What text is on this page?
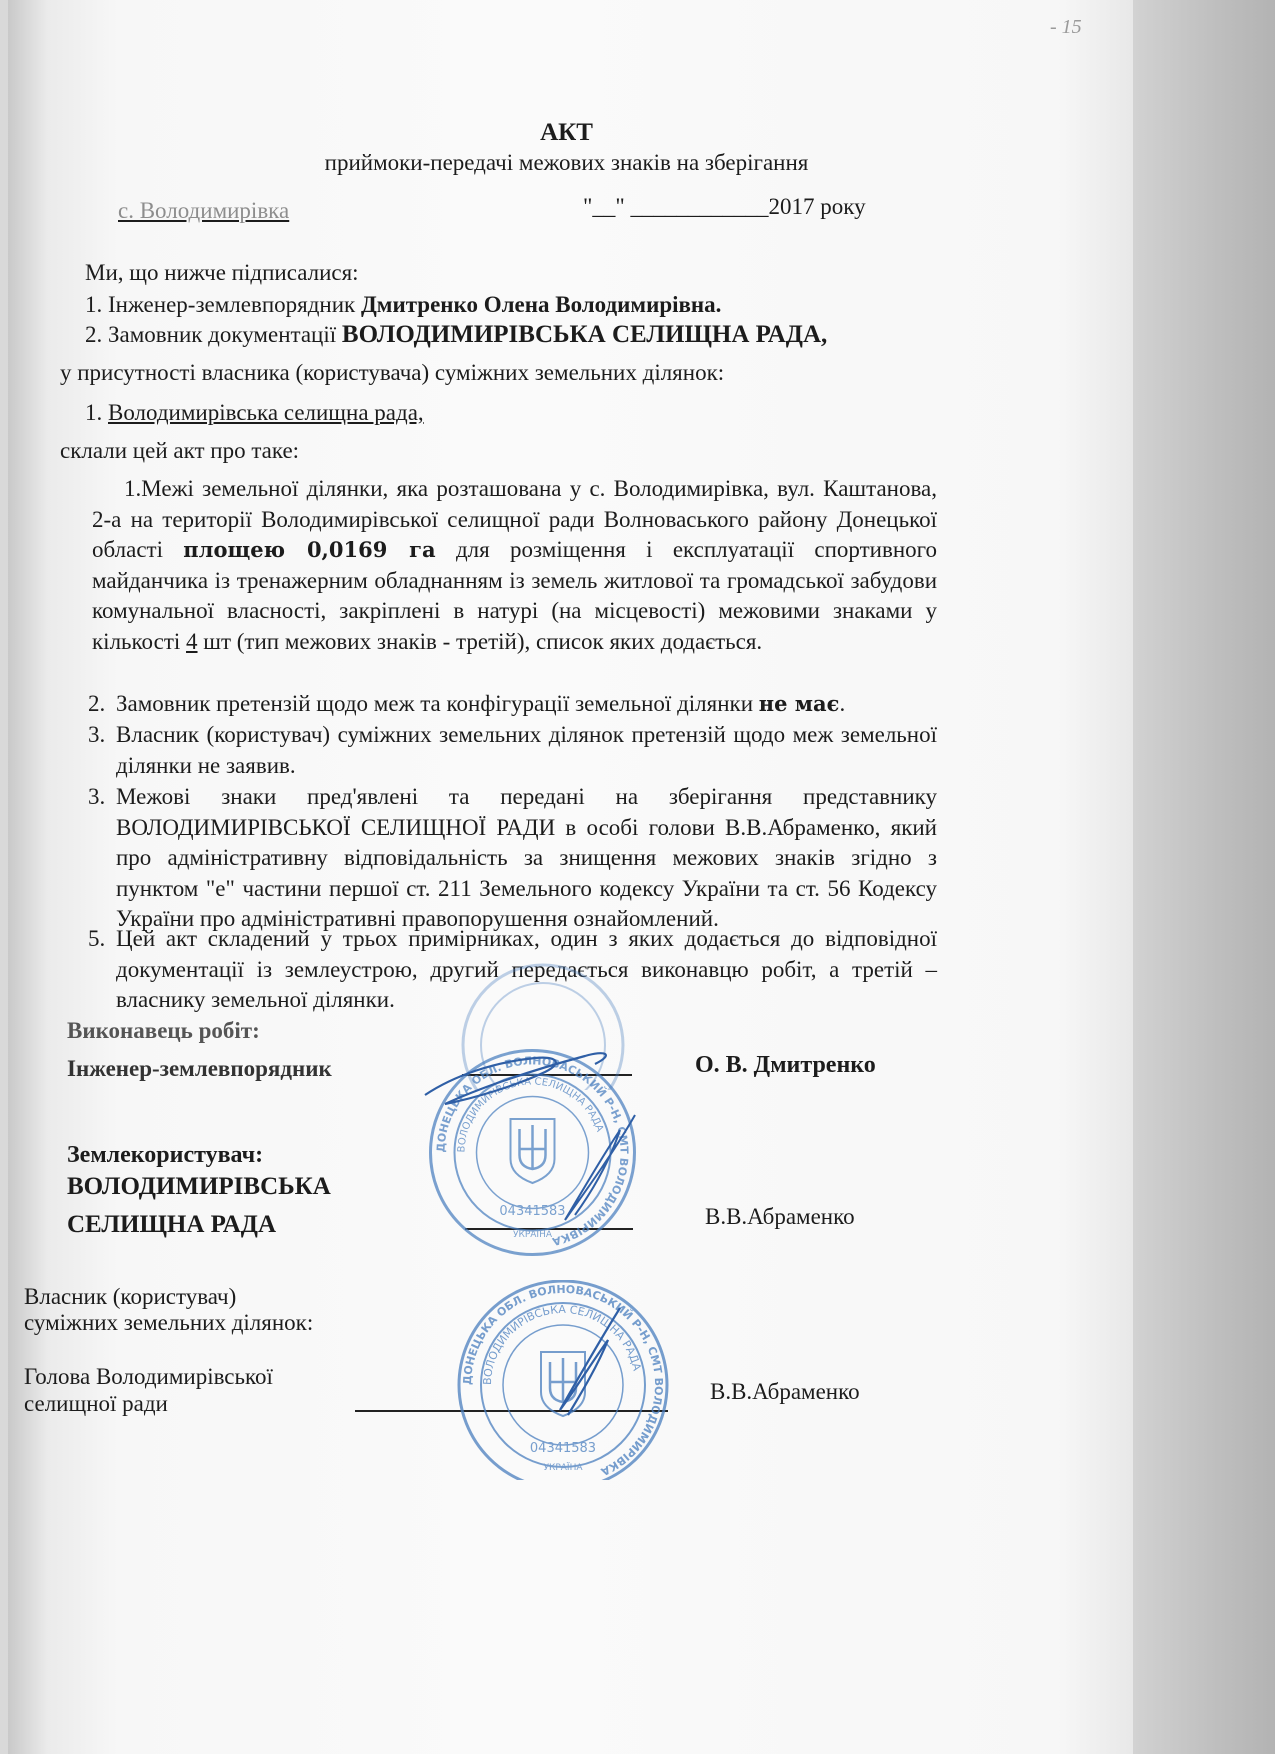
- 15
АКТ
приймоки-передачі межових знаків на зберігання
с. Володимирівка	"__" ____________2017 року
Ми, що нижче підписалися:
1. Інженер-землевпорядник Дмитренко Олена Володимирівна.
2. Замовник документації ВОЛОДИМИРІВСЬКА СЕЛИЩНА РАДА,
у присутності власника (користувача) суміжних земельних ділянок:
1. Володимирівська селищна рада,
склали цей акт про таке:
1.Межі земельної ділянки, яка розташована у с. Володимирівка, вул. Каштанова, 2-а на території Володимирівської селищної ради Волноваського району Донецької області площею 0,0169 га для розміщення і експлуатації спортивного майданчика із тренажерним обладнанням із земель житлової та громадської забудови комунальної власності, закріплені в натурі (на місцевості) межовими знаками у кількості 4 шт (тип межових знаків - третій), список яких додається.
2. Замовник претензій щодо меж та конфігурації земельної ділянки не має.
3. Власник (користувач) суміжних земельних ділянок претензій щодо меж земельної ділянки не заявив.
3. Межові знаки пред'явлені та передані на зберігання представнику ВОЛОДИМИРІВСЬКОЇ СЕЛИЩНОЇ РАДИ в особі голови В.В.Абраменко, який про адміністративну відповідальність за знищення межових знаків згідно з пунктом "е" частини першої ст. 211 Земельного кодексу України та ст. 56 Кодексу України про адміністративні правопорушення ознайомлений.
5. Цей акт складений у трьох примірниках, один з яких додається до відповідної документації із землеустрою, другий передається виконавцю робіт, а третій – власнику земельної ділянки.
Виконавець робіт:
Інженер-землевпорядник	О. В. Дмитренко
Землекористувач:
ВОЛОДИМИРІВСЬКА
СЕЛИЩНА РАДА	В.В.Абраменко
Власник (користувач)
суміжних земельних ділянок:
Голова Володимирівської
селищної ради	В.В.Абраменко
ДОНЕЦЬКА ОБЛ. ВОЛНОВАСЬКИЙ Р-Н, СМТ ВОЛОДИМИРІВКА
ВОЛОДИМИРІВСЬКА СЕЛИЩНА РАДА
04341583
УКРАЇНА
ДОНЕЦЬКА ОБЛ. ВОЛНОВАСЬКИЙ Р-Н, СМТ ВОЛОДИМИРІВКА
ВОЛОДИМИРІВСЬКА СЕЛИЩНА РАДА
04341583
УКРАЇНА
